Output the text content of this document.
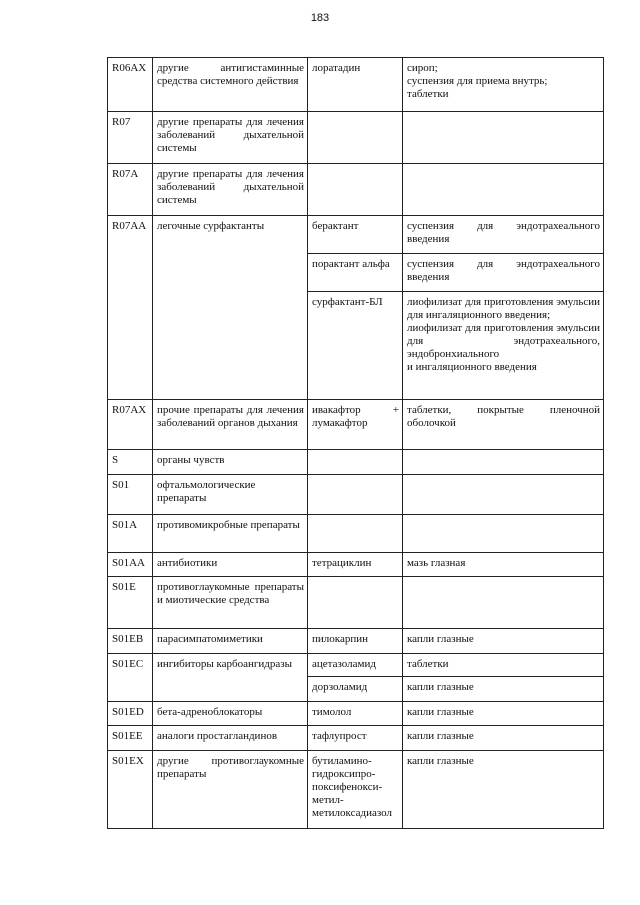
183
R06AX	другие антигистаминные средства системного действия	лоратадин	сироп;
суспензия для приема внутрь;
таблетки
R07	другие препараты для лечения заболеваний дыхательной системы		
R07A	другие препараты для лечения заболеваний дыхательной системы		
R07AA	легочные сурфактанты	берактант	суспензия для эндотрахеального введения
		порактант альфа	суспензия для эндотрахеального введения
		сурфактант-БЛ	лиофилизат для приготовления эмульсии для ингаляционного введения;
лиофилизат для приготовления эмульсии для эндотрахеального, эндобронхиального
и ингаляционного введения
R07AX	прочие препараты для лечения заболеваний органов дыхания	ивакафтор + лумакафтор	таблетки, покрытые пленочной оболочкой
S	органы чувств		
S01	офтальмологические препараты		
S01A	противомикробные препараты		
S01AA	антибиотики	тетрациклин	мазь глазная
S01E	противоглаукомные препараты и миотические средства		
S01EB	парасимпатомиметики	пилокарпин	капли глазные
S01EC	ингибиторы карбоангидразы	ацетазоламид	таблетки
		дорзоламид	капли глазные
S01ED	бета-адреноблокаторы	тимолол	капли глазные
S01EE	аналоги простагландинов	тафлупрост	капли глазные
S01EX	другие противоглаукомные препараты	бутиламино-
гидроксипро-
поксифенокси-
метил-
метилоксадиазол	капли глазные
